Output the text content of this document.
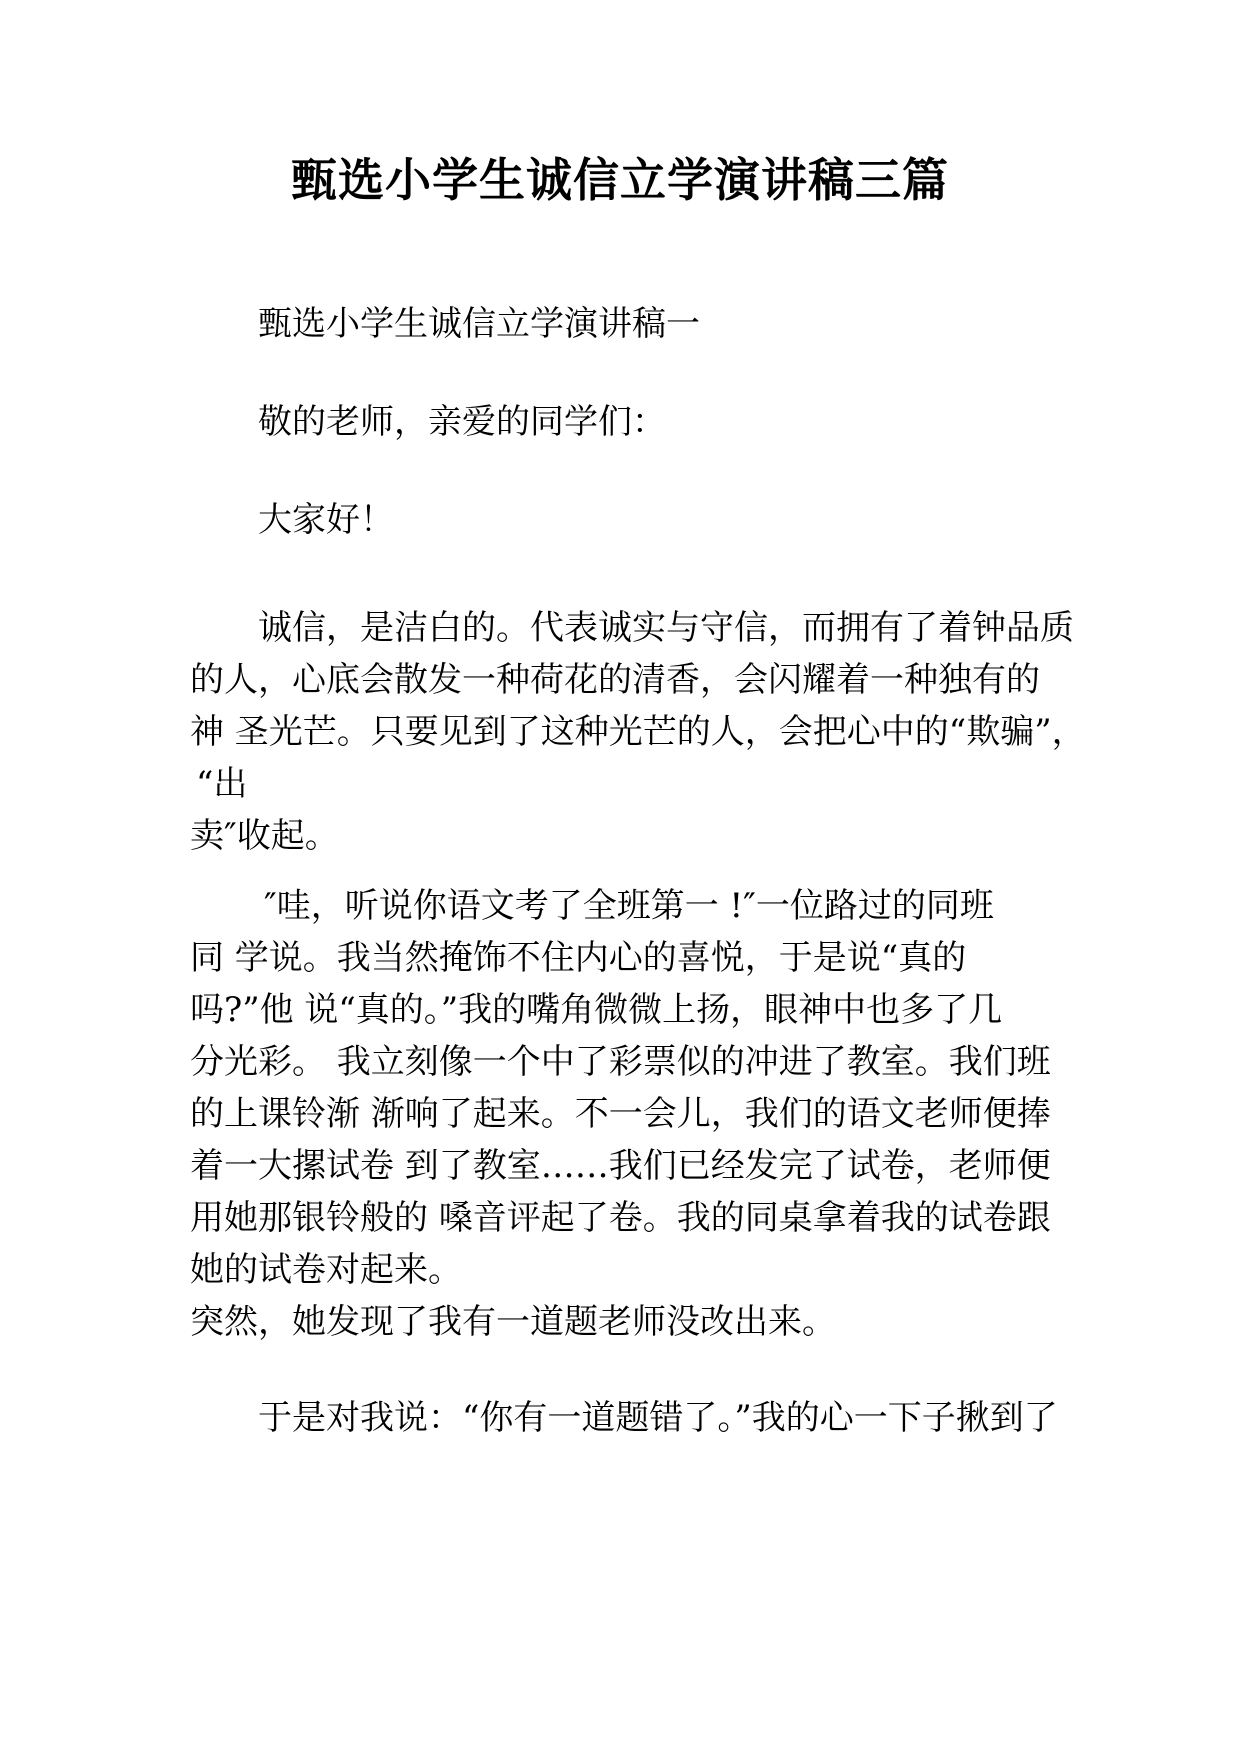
甄选小学生诚信立学演讲稿三篇

甄选小学生诚信立学演讲稿一

敬的老师，亲爱的同学们：

大家好！

诚信，是洁白的。代表诚实与守信，而拥有了着钟品质
的人，心底会散发一种荷花的清香，会闪耀着一种独有的
神 圣光芒。只要见到了这种光芒的人，会把心中的“欺骗”，
“出
卖″收起。

″哇，听说你语文考了全班第一 !″一位路过的同班
同 学说。我当然掩饰不住内心的喜悦，于是说“真的
吗?”他 说“真的。”我的嘴角微微上扬，眼神中也多了几
分光彩。 我立刻像一个中了彩票似的冲进了教室。我们班
的上课铃渐 渐响了起来。不一会儿，我们的语文老师便捧
着一大摞试卷 到了教室……我们已经发完了试卷，老师便
用她那银铃般的 嗓音评起了卷。我的同桌拿着我的试卷跟
她的试卷对起来。
突然，她发现了我有一道题老师没改出来。

于是对我说：“你有一道题错了。”我的心一下子揪到了
